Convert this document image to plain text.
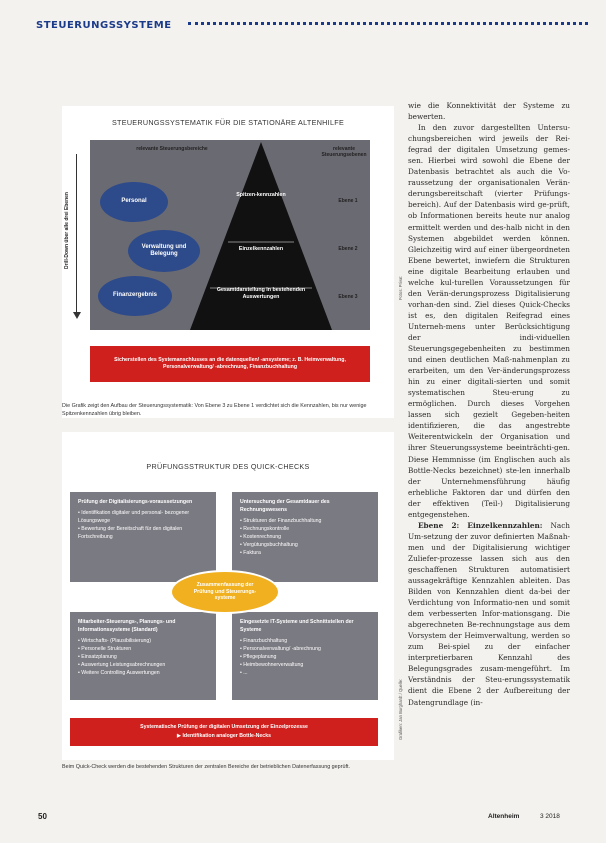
STEUERUNGSSYSTEME
STEUERUNGSSYSTEMATIK FÜR DIE STATIONÄRE ALTENHILFE
Drill-Down über alle drei Ebenen
relevante Steuerungsbereiche	relevante Steuerungsebenen
Personal
Verwaltung und Belegung
Finanzergebnis
Spitzen-kennzahlen
Einzelkennzahlen
Gesamtdarstellung in bestehenden Auswertungen
Ebene 1
Ebene 2
Ebene 3
Sicherstellen des Systemanschlusses an die datenquellen/ -ansysteme; z. B. Heimverwaltung, Personalverwaltung/ -abrechnung, Finanzbuchhaltung
Die Grafik zeigt den Aufbau der Steuerungssystematik: Von Ebene 3 zu Ebene 1 verdichtet sich die Kennzahlen, bis nur wenige Spitzenkennzahlen übrig bleiben.
PRÜFUNGSSTRUKTUR DES QUICK-CHECKS
Prüfung der Digitalisierungs-voraussetzungen
• Identifikation digitaler und personal- bezogener Lösungswege
• Bewertung der Bereitschaft für den digitalen Fortschreibung
Untersuchung der Gesamtdauer des Rechnungswesens
• Strukturen der Finanzbuchhaltung
• Rechnungskontrolle
• Kostenrechnung
• Vergütungsbuchhaltung
• Faktura
Mitarbeiter-Steuerungs-, Planungs- und Informationssysteme (Standard)
• Wirtschafts- (Plausibilisierung)
• Personelle Strukturen
• Einsatzplanung
• Auswertung Leistungsabrechnungen
• Weitere Controlling Auswertungen
Eingesetzte IT-Systeme und Schnittstellen der Systeme
• Finanzbuchhaltung
• Personalverwaltung/ -abrechnung
• Pflegeplanung
• Heimbewohnerverwaltung
• ...
Zusammenfassung der Prüfung und Steuerungs-systeme
Systematische Prüfung der digitalen Umsetzung der Einzelprozesse
▶ Identifikation analoger Bottle-Necks
Beim Quick-Check werden die bestehenden Strukturen der zentralen Bereiche der betrieblichen Datenerfassung geprüft.
Fotos: Privat
Grafiken: Jan Burghardt / Quelle:

wie die Konnektivität der Systeme zu bewerten.

In den zuvor dargestellten Untersu-chungsbereichen wird jeweils der Rei-fegrad der digitalen Umsetzung gemes-sen. Hierbei wird sowohl die Ebene der Datenbasis betrachtet als auch die Vo-raussetzung der organisationalen Verän-derungsbereitschaft (vierter Prüfungs-bereich). Auf der Datenbasis wird ge-prüft, ob Informationen bereits heute nur analog ermittelt werden und des-halb nicht in den Systemen abgebildet werden können. Gleichzeitig wird auf einer übergeordneten Ebene bewertet, inwiefern die Strukturen eine digitale Bearbeitung erlauben und welche kul-turellen Voraussetzungen für den Verän-derungsprozess Digitalisierung vorhan-den sind. Ziel dieses Quick-Checks ist es, den digitalen Reifegrad eines Unterneh-mens unter Berücksichtigung der indi-viduellen Steuerungsgegebenheiten zu bestimmen und einen deutlichen Maß-nahmenplan zu erarbeiten, um den Ver-änderungsprozess hin zu einer digitali-sierten und somit systematischen Steu-erung zu ermöglichen. Durch dieses Vorgehen lassen sich gezielt Gegeben-heiten identifizieren, die das angestrebte Weiterentwickeln der Organisation und ihrer Steuerungssysteme beeinträchti-gen. Diese Hemmnisse (im Englischen auch als Bottle-Necks bezeichnet) ste-len innerhalb der Unternehmensführung häufig erhebliche Faktoren dar und dürfen den der effektiven (Teil-) Digitalisierung entgegenstehen.

Ebene 2: Einzelkennzahlen: Nach Um-setzung der zuvor definierten Maßnah-men und der Digitalisierung wichtiger Zuliefer-prozesse lassen sich aus den geschaffenen Strukturen automatisiert aussagekräftige Kennzahlen ableiten. Das Bilden von Kennzahlen dient da-bei der Verdichtung von Informatio-nen und somit dem verbesserten Infor-mationsgang. Die abgerechneten Be-rechnungstage aus dem Vorsystem der Heimverwaltung, werden so zum Bei-spiel zu der einfacher interpretierbaren Kennzahl des Belegungsgrades zusam-mengeführt. Im Verständnis der Steu-erungssystematik dient die Ebene 2 der Aufbereitung der Datengrundlage (in-

50	Altenheim	3 2018
